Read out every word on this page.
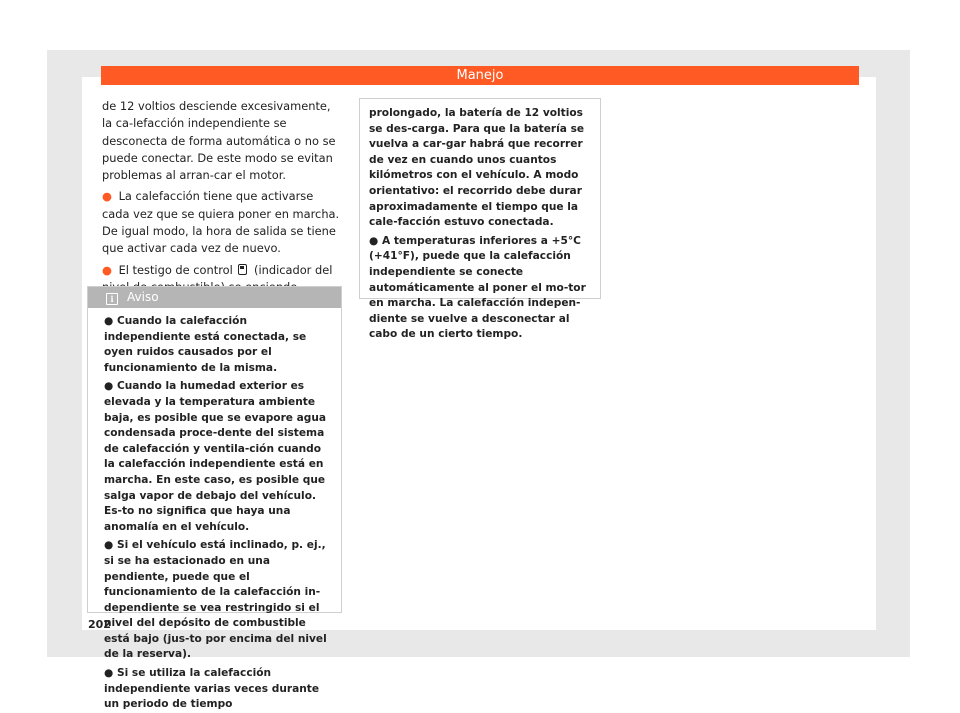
Manejo

de 12 voltios desciende excesivamente, la ca-lefacción independiente se desconecta de forma automática o no se puede conectar. De este modo se evitan problemas al arran-car el motor.

● La calefacción tiene que activarse cada vez que se quiera poner en marcha. De igual modo, la hora de salida se tiene que activar cada vez de nuevo.

● El testigo de control (indicador del

i Aviso

● Cuando la calefacción independiente está conectada, se oyen ruidos causados por el funcionamiento de la misma.

● Cuando la humedad exterior es elevada y la temperatura ambiente baja, es posible que se evapore agua condensada proce-dente del sistema de calefacción y ventila-ción cuando la calefacción independiente está en marcha. En este caso, es posible que salga vapor de debajo del vehículo. Es-to no significa que haya una anomalía en el vehículo.

● Si el vehículo está inclinado, p. ej., si se ha estacionado en una pendiente, puede que el funcionamiento de la calefacción in-dependiente se vea restringido si el nivel del depósito de combustible está bajo (jus-to por encima del nivel de la reserva).

● Si se utiliza la calefacción independiente varias veces durante un periodo de tiempo

prolongado, la batería de 12 voltios se des-carga. Para que la batería se vuelva a car-gar habrá que recorrer de vez en cuando unos cuantos kilómetros con el vehículo. A modo orientativo: el recorrido debe durar aproximadamente el tiempo que la cale-facción estuvo conectada.

● A temperaturas inferiores a +5°C (+41°F), puede que la calefacción independiente se conecte automáticamente al poner el mo-tor en marcha. La calefacción indepen-diente se vuelve a desconectar al cabo de un cierto tiempo.

202
